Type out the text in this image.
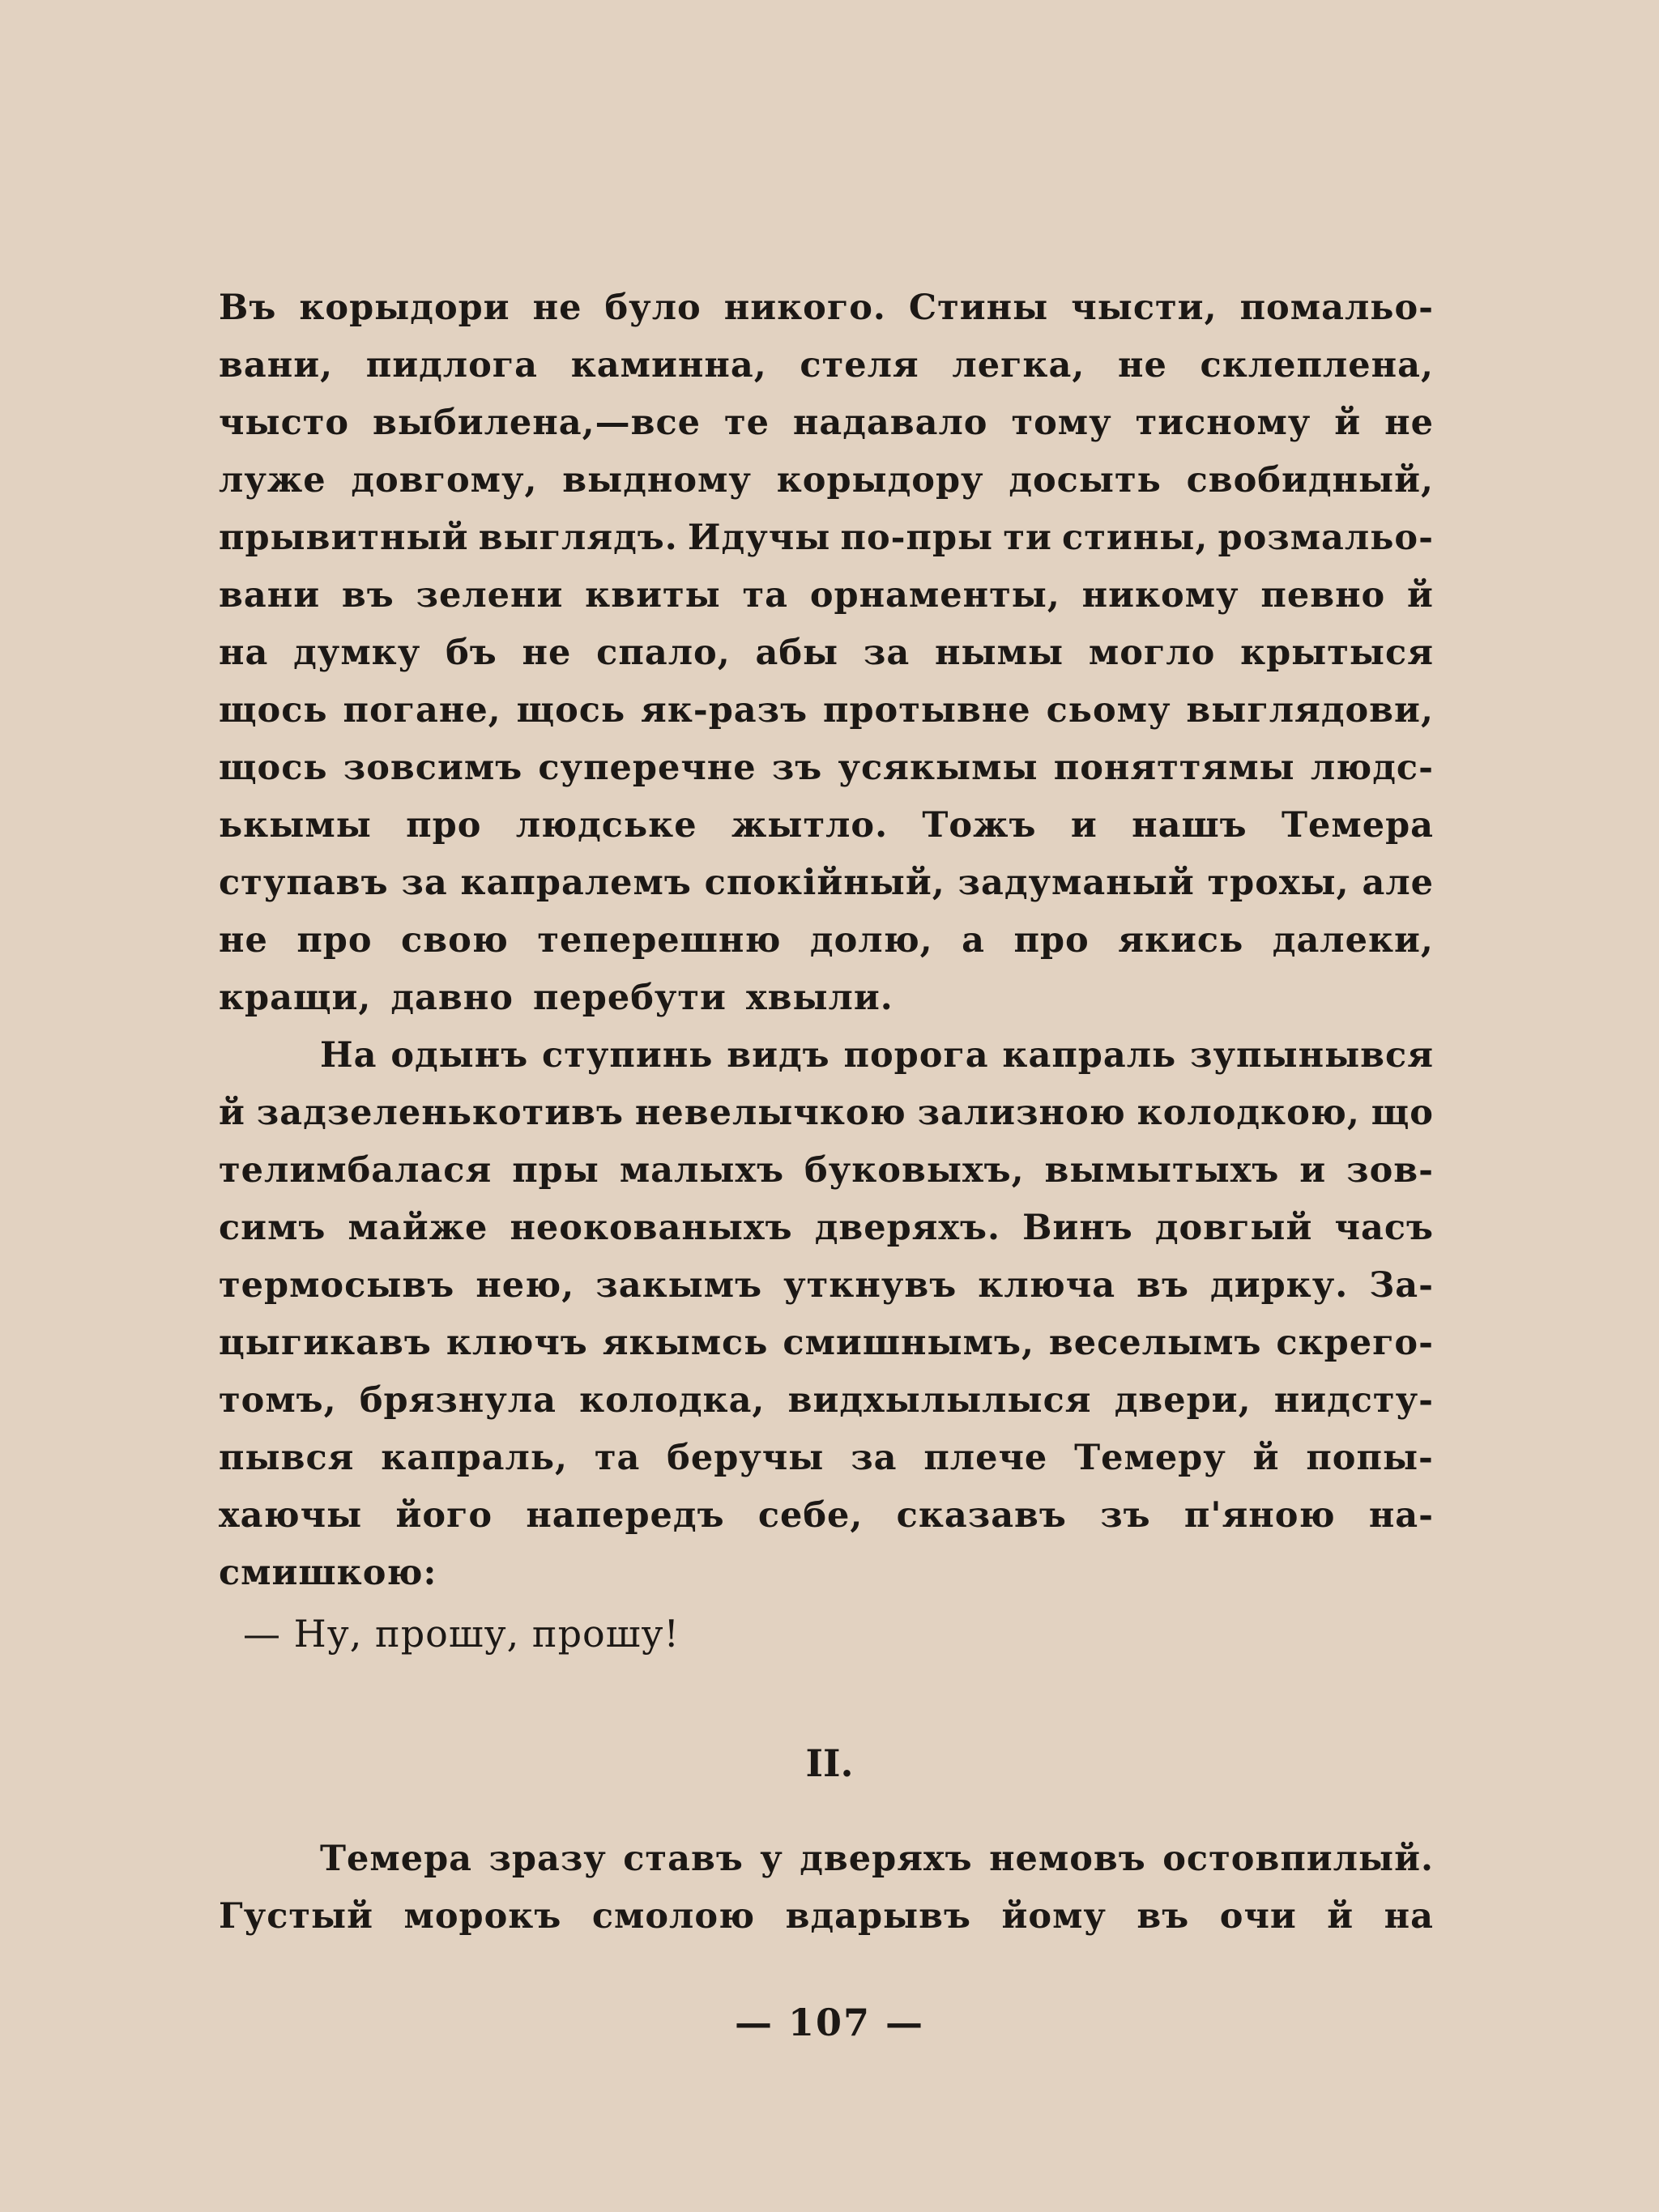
Въ корыдори не було никого. Стины чысти, помальо-
вани, пидлога каминна, стеля легка, не склеплена,
чысто выбилена,—все те надавало тому тисному й не
луже довгому, выдному корыдору досыть свобидный,
прывитный выглядъ. Идучы по-пры ти стины, розмальо-
вани въ зелени квиты та орнаменты, никому певно й
на думку бъ не спало, абы за нымы могло крытыся
щось погане, щось як-разъ протывне сьому выглядови,
щось зовсимъ суперечне зъ усякымы поняттямы людс-
ькымы про людське жытло. Тожъ и нашъ Темера
ступавъ за капралемъ спокійный, задуманый трохы, але
не про свою теперешню долю, а про якись далеки,
кращи, давно перебути хвыли.
На одынъ ступинь видъ порога капраль зупынывся
й задзеленькотивъ невелычкою зализною колодкою, що
телимбалася пры малыхъ буковыхъ, вымытыхъ и зов-
симъ майже неокованыхъ дверяхъ. Винъ довгый часъ
термосывъ нею, закымъ уткнувъ ключа въ дирку. За-
цыгикавъ ключъ якымсь смишнымъ, веселымъ скрего-
томъ, брязнула колодка, видхылылыся двери, нидсту-
пывся капраль, та беручы за плече Темеру й попы-
хаючы його напередъ себе, сказавъ зъ п'яною на-
смишкою:
— Ну, прошу, прошу!
II.
Темера зразу ставъ у дверяхъ немовъ остовпилый.
Густый морокъ смолою вдарывъ йому въ очи й на
— 107 —
